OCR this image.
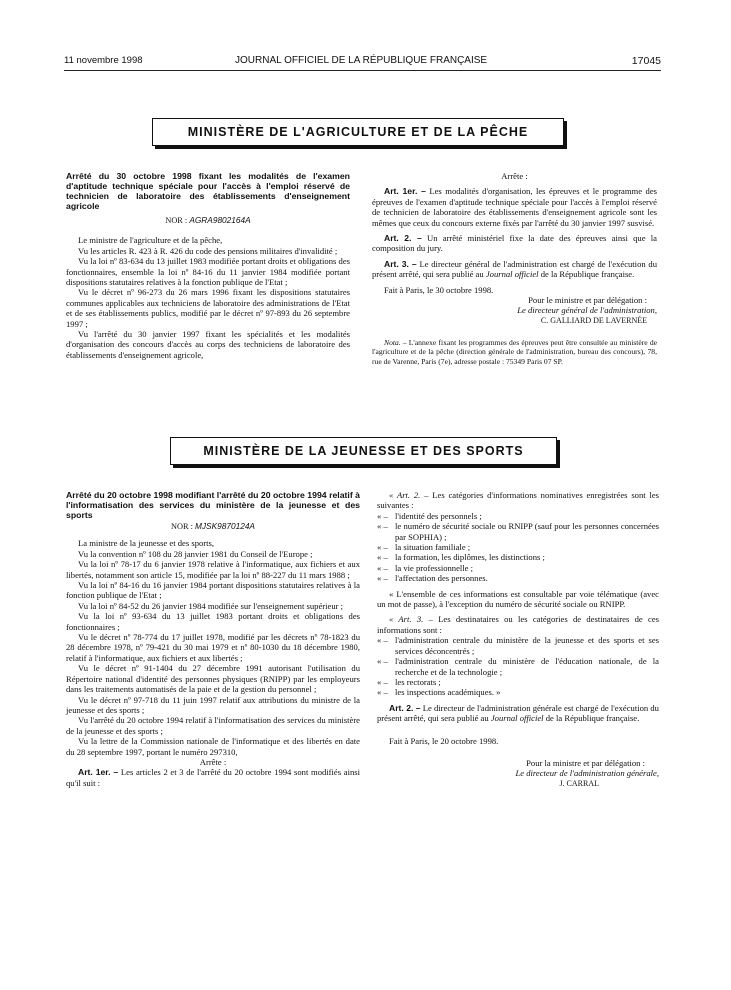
11 novembre 1998	JOURNAL OFFICIEL DE LA RÉPUBLIQUE FRANÇAISE	17045
MINISTÈRE DE L'AGRICULTURE ET DE LA PÊCHE

Arrêté du 30 octobre 1998 fixant les modalités de l'examen d'aptitude technique spéciale pour l'accès à l'emploi réservé de technicien de laboratoire des établissements d'enseignement agricole

NOR : AGRA9802164A

Le ministre de l'agriculture et de la pêche,

Vu les articles R. 423 à R. 426 du code des pensions militaires d'invalidité ;

Vu la loi nº 83-634 du 13 juillet 1983 modifiée portant droits et obligations des fonctionnaires, ensemble la loi nº 84-16 du 11 janvier 1984 modifiée portant dispositions statutaires relatives à la fonction publique de l'Etat ;

Vu le décret nº 96-273 du 26 mars 1996 fixant les dispositions statutaires communes applicables aux techniciens de laboratoire des administrations de l'Etat et de ses établissements publics, modifié par le décret nº 97-893 du 26 septembre 1997 ;

Vu l'arrêté du 30 janvier 1997 fixant les spécialités et les modalités d'organisation des concours d'accès au corps des techniciens de laboratoire des établissements d'enseignement agricole,

Arrête :

Art. 1er. – Les modalités d'organisation, les épreuves et le programme des épreuves de l'examen d'aptitude technique spéciale pour l'accès à l'emploi réservé de technicien de laboratoire des établissements d'enseignement agricole sont les mêmes que ceux du concours externe fixés par l'arrêté du 30 janvier 1997 susvisé.

Art. 2. – Un arrêté ministériel fixe la date des épreuves ainsi que la composition du jury.

Art. 3. – Le directeur général de l'administration est chargé de l'exécution du présent arrêté, qui sera publié au Journal officiel de la République française.

Fait à Paris, le 30 octobre 1998.

Pour le ministre et par délégation :

Le directeur général de l'administration,

C. GALLIARD DE LAVERNÉE

Nota. – L'annexe fixant les programmes des épreuves peut être consultée au ministère de l'agriculture et de la pêche (direction générale de l'administration, bureau des concours), 78, rue de Varenne, Paris (7e), adresse postale : 75349 Paris 07 SP.

MINISTÈRE DE LA JEUNESSE ET DES SPORTS

Arrêté du 20 octobre 1998 modifiant l'arrêté du 20 octobre 1994 relatif à l'informatisation des services du ministère de la jeunesse et des sports

NOR : MJSK9870124A

La ministre de la jeunesse et des sports,

Vu la convention nº 108 du 28 janvier 1981 du Conseil de l'Europe ;

Vu la loi nº 78-17 du 6 janvier 1978 relative à l'informatique, aux fichiers et aux libertés, notamment son article 15, modifiée par la loi nº 88-227 du 11 mars 1988 ;

Vu la loi nº 84-16 du 16 janvier 1984 portant dispositions statutaires relatives à la fonction publique de l'Etat ;

Vu la loi nº 84-52 du 26 janvier 1984 modifiée sur l'enseignement supérieur ;

Vu la loi nº 93-634 du 13 juillet 1983 portant droits et obligations des fonctionnaires ;

Vu le décret nº 78-774 du 17 juillet 1978, modifié par les décrets nº 78-1823 du 28 décembre 1978, nº 79-421 du 30 mai 1979 et nº 80-1030 du 18 décembre 1980, relatif à l'informatique, aux fichiers et aux libertés ;

Vu le décret nº 91-1404 du 27 décembre 1991 autorisant l'utilisation du Répertoire national d'identité des personnes physiques (RNIPP) par les employeurs dans les traitements automatisés de la paie et de la gestion du personnel ;

Vu le décret nº 97-718 du 11 juin 1997 relatif aux attributions du ministre de la jeunesse et des sports ;

Vu l'arrêté du 20 octobre 1994 relatif à l'informatisation des services du ministère de la jeunesse et des sports ;

Vu la lettre de la Commission nationale de l'informatique et des libertés en date du 28 septembre 1997, portant le numéro 297310,

Arrête :

Art. 1er. – Les articles 2 et 3 de l'arrêté du 20 octobre 1994 sont modifiés ainsi qu'il suit :

« Art. 2. – Les catégories d'informations nominatives enregistrées sont les suivantes :

« – l'identité des personnels ;

« – le numéro de sécurité sociale ou RNIPP (sauf pour les personnes concernées par SOPHIA) ;

« – la situation familiale ;

« – la formation, les diplômes, les distinctions ;

« – la vie professionnelle ;

« – l'affectation des personnes.

« L'ensemble de ces informations est consultable par voie télématique (avec un mot de passe), à l'exception du numéro de sécurité sociale ou RNIPP.

« Art. 3. – Les destinataires ou les catégories de destinataires de ces informations sont :

« – l'administration centrale du ministère de la jeunesse et des sports et ses services déconcentrés ;

« – l'administration centrale du ministère de l'éducation nationale, de la recherche et de la technologie ;

« – les rectorats ;

« – les inspections académiques. »

Art. 2. – Le directeur de l'administration générale est chargé de l'exécution du présent arrêté, qui sera publié au Journal officiel de la République française.

Fait à Paris, le 20 octobre 1998.

Pour la ministre et par délégation :

Le directeur de l'administration générale,

J. CARRAL
